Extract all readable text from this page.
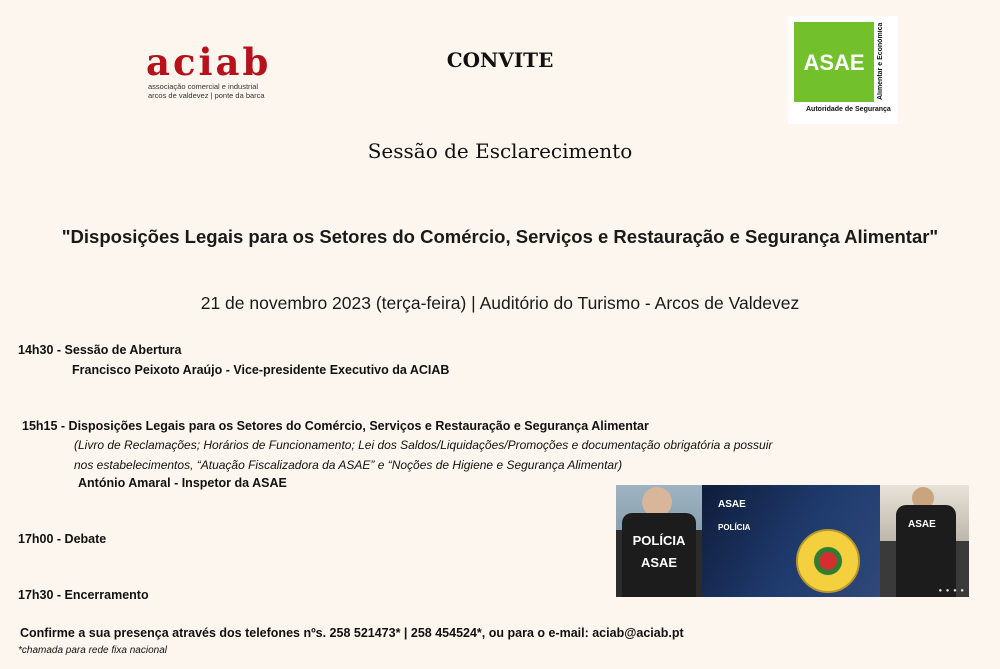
aciab
associação comercial e industrial
arcos de valdevez | ponte da barca
CONVITE	ASAE	Alimentar e Económica
Autoridade de Segurança
Sessão de Esclarecimento
"Disposições Legais para os Setores do Comércio, Serviços e Restauração e Segurança Alimentar"
21 de novembro 2023 (terça-feira) | Auditório do Turismo - Arcos de Valdevez
14h30 - Sessão de Abertura
Francisco Peixoto Araújo - Vice-presidente Executivo da ACIAB
15h15 - Disposições Legais para os Setores do Comércio, Serviços e Restauração e Segurança Alimentar
(Livro de Reclamações; Horários de Funcionamento; Lei dos Saldos/Liquidações/Promoções e documentação obrigatória a possuir
nos estabelecimentos, “Atuação Fiscalizadora da ASAE” e “Noções de Higiene e Segurança Alimentar)
António Amaral - Inspetor da ASAE
17h00 - Debate
17h30 - Encerramento
POLÍCIA
ASAE
ASAE
POLÍCIA	ASAE
● ● ● ●
Confirme a sua presença através dos telefones nºs. 258 521473* | 258 454524*, ou para o e-mail: aciab@aciab.pt
*chamada para rede fixa nacional
